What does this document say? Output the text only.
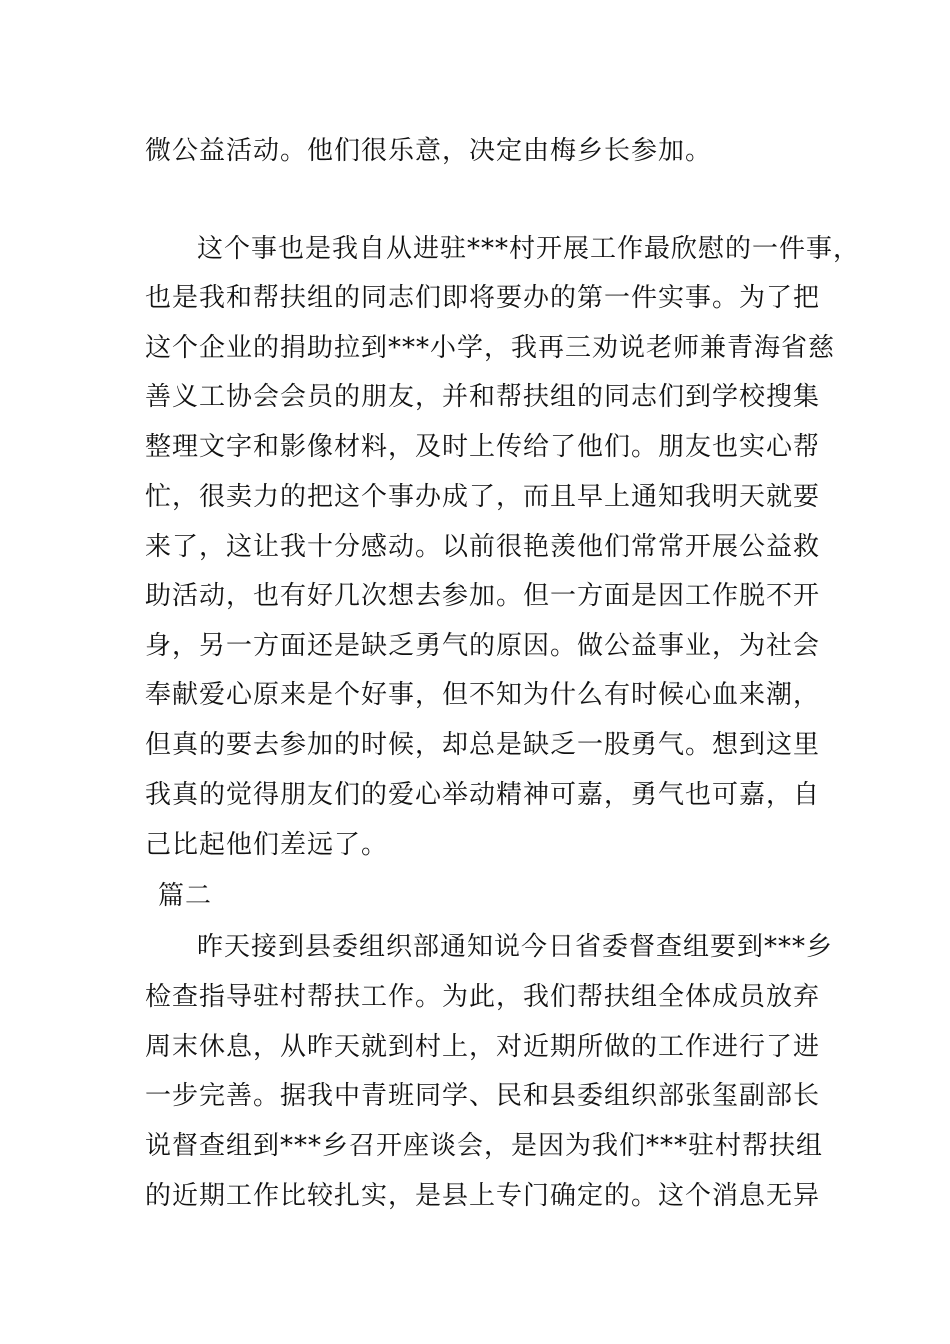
微公益活动。他们很乐意，决定由梅乡长参加。
这个事也是我自从进驻***村开展工作最欣慰的一件事，
也是我和帮扶组的同志们即将要办的第一件实事。为了把
这个企业的捐助拉到***小学，我再三劝说老师兼青海省慈
善义工协会会员的朋友，并和帮扶组的同志们到学校搜集
整理文字和影像材料，及时上传给了他们。朋友也实心帮
忙，很卖力的把这个事办成了，而且早上通知我明天就要
来了，这让我十分感动。以前很艳羡他们常常开展公益救
助活动，也有好几次想去参加。但一方面是因工作脱不开
身，另一方面还是缺乏勇气的原因。做公益事业，为社会
奉献爱心原来是个好事，但不知为什么有时候心血来潮，
但真的要去参加的时候，却总是缺乏一股勇气。想到这里
我真的觉得朋友们的爱心举动精神可嘉，勇气也可嘉，自
己比起他们差远了。
篇二
昨天接到县委组织部通知说今日省委督查组要到***乡
检查指导驻村帮扶工作。为此，我们帮扶组全体成员放弃
周末休息，从昨天就到村上，对近期所做的工作进行了进
一步完善。据我中青班同学、民和县委组织部张玺副部长
说督查组到***乡召开座谈会，是因为我们***驻村帮扶组
的近期工作比较扎实，是县上专门确定的。这个消息无异
